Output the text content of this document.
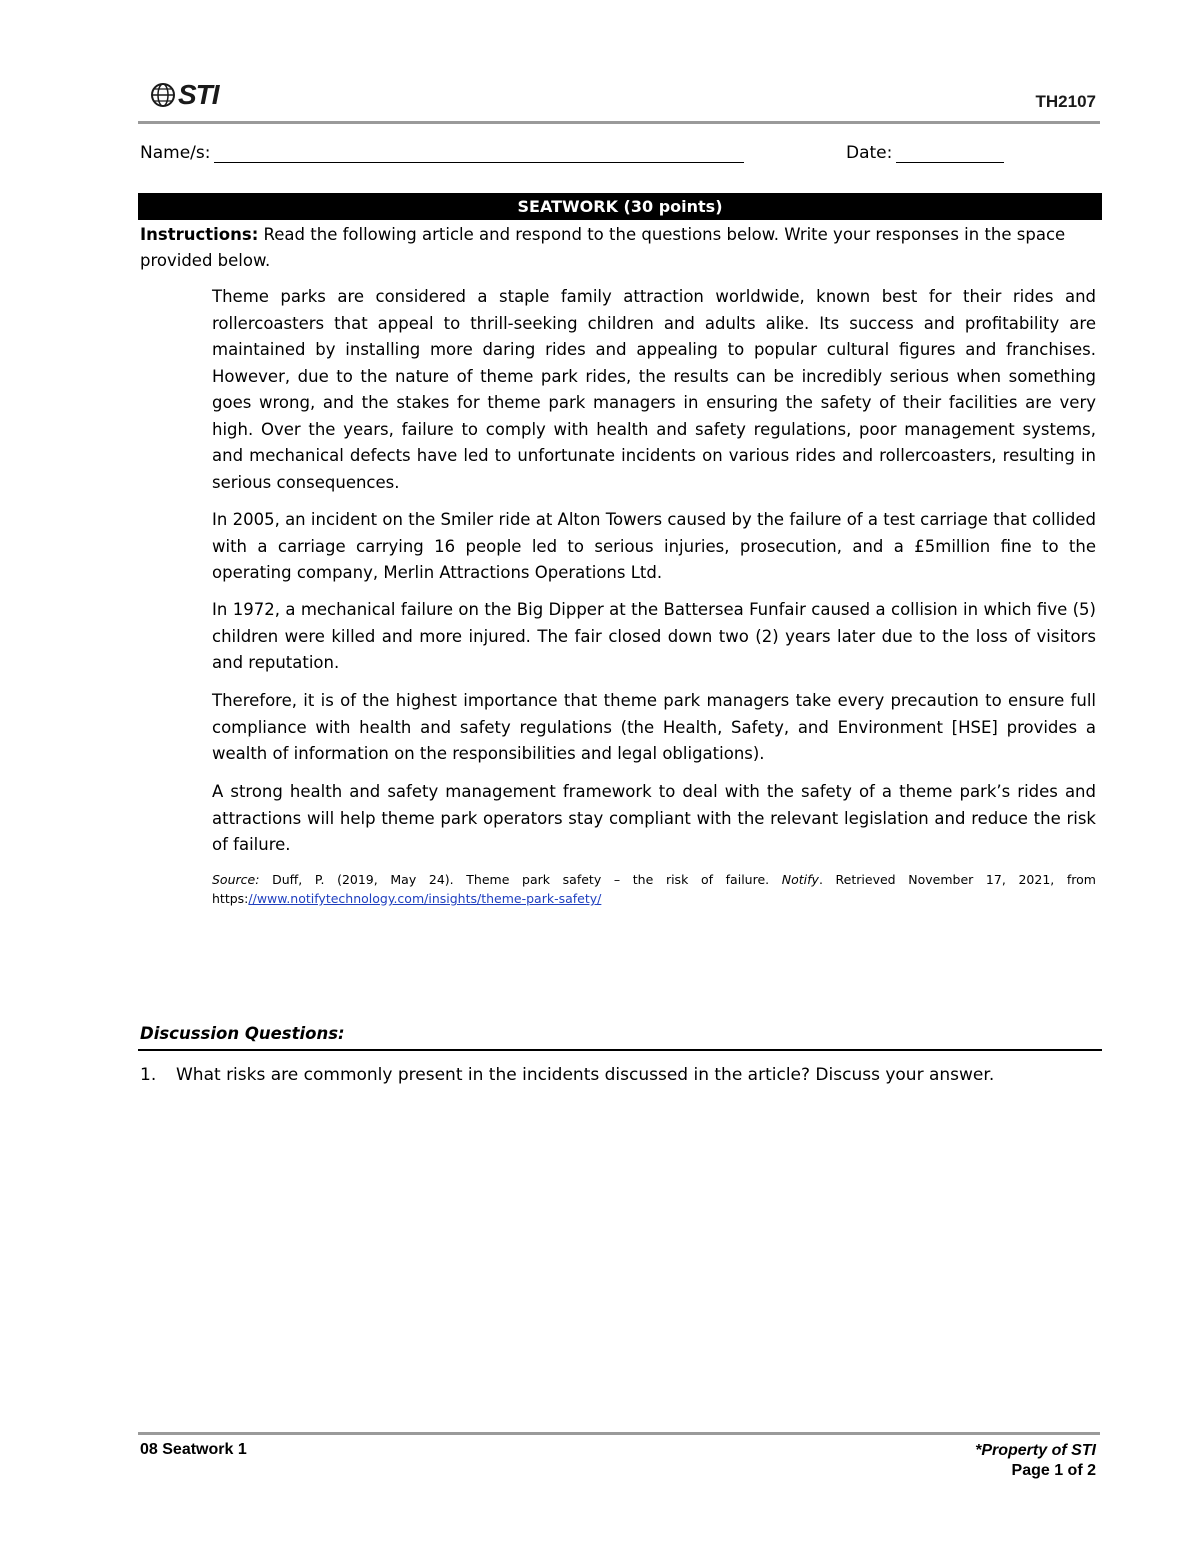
STI	TH2107
Name/s:	Date:
SEATWORK (30 points)
Instructions: Read the following article and respond to the questions below. Write your responses in the space provided below.
Theme parks are considered a staple family attraction worldwide, known best for their rides and rollercoasters that appeal to thrill-seeking children and adults alike. Its success and profitability are maintained by installing more daring rides and appealing to popular cultural figures and franchises. However, due to the nature of theme park rides, the results can be incredibly serious when something goes wrong, and the stakes for theme park managers in ensuring the safety of their facilities are very high. Over the years, failure to comply with health and safety regulations, poor management systems, and mechanical defects have led to unfortunate incidents on various rides and rollercoasters, resulting in serious consequences.
In 2005, an incident on the Smiler ride at Alton Towers caused by the failure of a test carriage that collided with a carriage carrying 16 people led to serious injuries, prosecution, and a £5million fine to the operating company, Merlin Attractions Operations Ltd.
In 1972, a mechanical failure on the Big Dipper at the Battersea Funfair caused a collision in which five (5) children were killed and more injured. The fair closed down two (2) years later due to the loss of visitors and reputation.
Therefore, it is of the highest importance that theme park managers take every precaution to ensure full compliance with health and safety regulations (the Health, Safety, and Environment [HSE] provides a wealth of information on the responsibilities and legal obligations).
A strong health and safety management framework to deal with the safety of a theme park’s rides and attractions will help theme park operators stay compliant with the relevant legislation and reduce the risk of failure.
Source: Duff, P. (2019, May 24). Theme park safety – the risk of failure. Notify. Retrieved November 17, 2021, from https://www.notifytechnology.com/insights/theme-park-safety/
Discussion Questions:
1. What risks are commonly present in the incidents discussed in the article? Discuss your answer.
08 Seatwork 1	*Property of STI
Page 1 of 2
